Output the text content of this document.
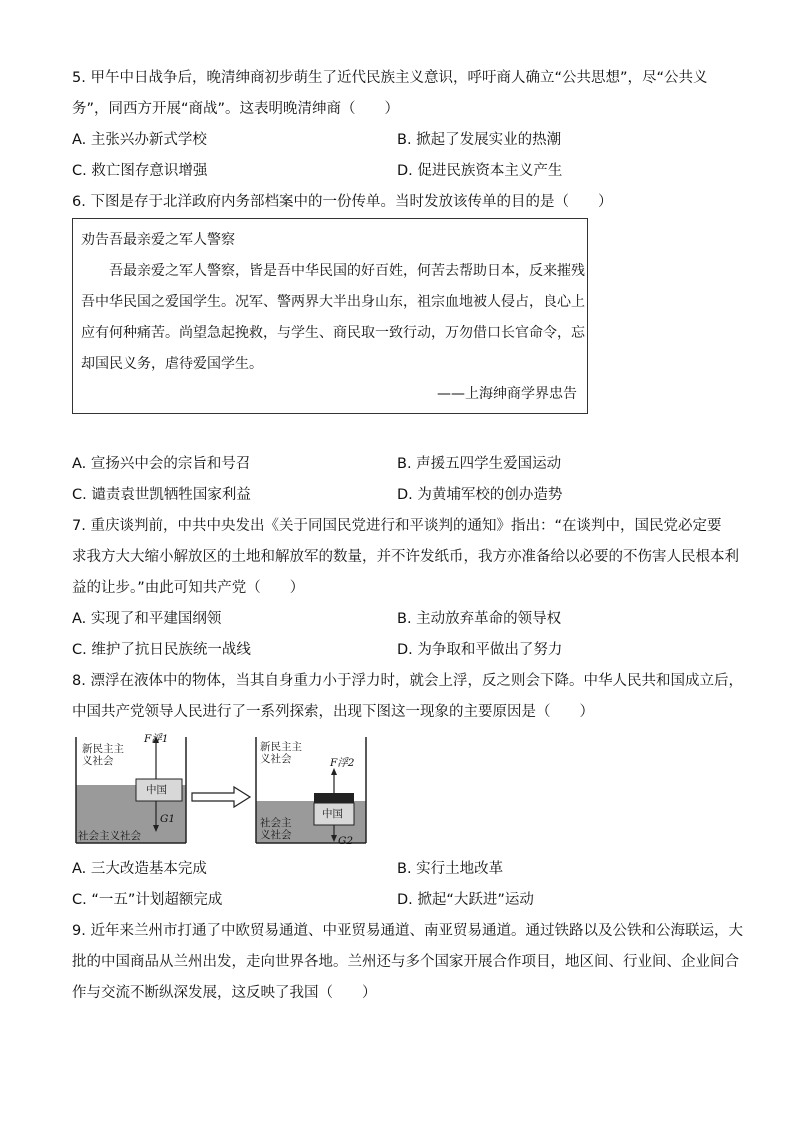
5. 甲午中日战争后，晚清绅商初步萌生了近代民族主义意识，呼吁商人确立“公共思想”，尽“公共义
务”，同西方开展“商战”。这表明晚清绅商（　　）
A. 主张兴办新式学校	B. 掀起了发展实业的热潮
C. 救亡图存意识增强	D. 促进民族资本主义产生
6. 下图是存于北洋政府内务部档案中的一份传单。当时发放该传单的目的是（　　）
劝告吾最亲爱之军人警察
吾最亲爱之军人警察，皆是吾中华民国的好百姓，何苦去帮助日本，反来摧残
吾中华民国之爱国学生。况军、警两界大半出身山东，祖宗血地被人侵占，良心上
应有何种痛苦。尚望急起挽救，与学生、商民取一致行动，万勿借口长官命令，忘
却国民义务，虐待爱国学生。
——上海绅商学界忠告
A. 宣扬兴中会的宗旨和号召	B. 声援五四学生爱国运动
C. 谴责袁世凯牺牲国家利益	D. 为黄埔军校的创办造势
7. 重庆谈判前，中共中央发出《关于同国民党进行和平谈判的通知》指出：“在谈判中，国民党必定要
求我方大大缩小解放区的土地和解放军的数量，并不许发纸币，我方亦准备给以必要的不伤害人民根本利
益的让步。”由此可知共产党（　　）
A. 实现了和平建国纲领	B. 主动放弃革命的领导权
C. 维护了抗日民族统一战线	D. 为争取和平做出了努力
8. 漂浮在液体中的物体，当其自身重力小于浮力时，就会上浮，反之则会下降。中华人民共和国成立后，
中国共产党领导人民进行了一系列探索，出现下图这一现象的主要原因是（　　）
新民主主义社会
社会主义社会
中国
F浮1
G1
新民主主义社会
社会主义社会
中国
F浮2
G2
A. 三大改造基本完成	B. 实行土地改革
C. “一五”计划超额完成	D. 掀起“大跃进”运动
9. 近年来兰州市打通了中欧贸易通道、中亚贸易通道、南亚贸易通道。通过铁路以及公铁和公海联运，大
批的中国商品从兰州出发，走向世界各地。兰州还与多个国家开展合作项目，地区间、行业间、企业间合
作与交流不断纵深发展，这反映了我国（　　）
